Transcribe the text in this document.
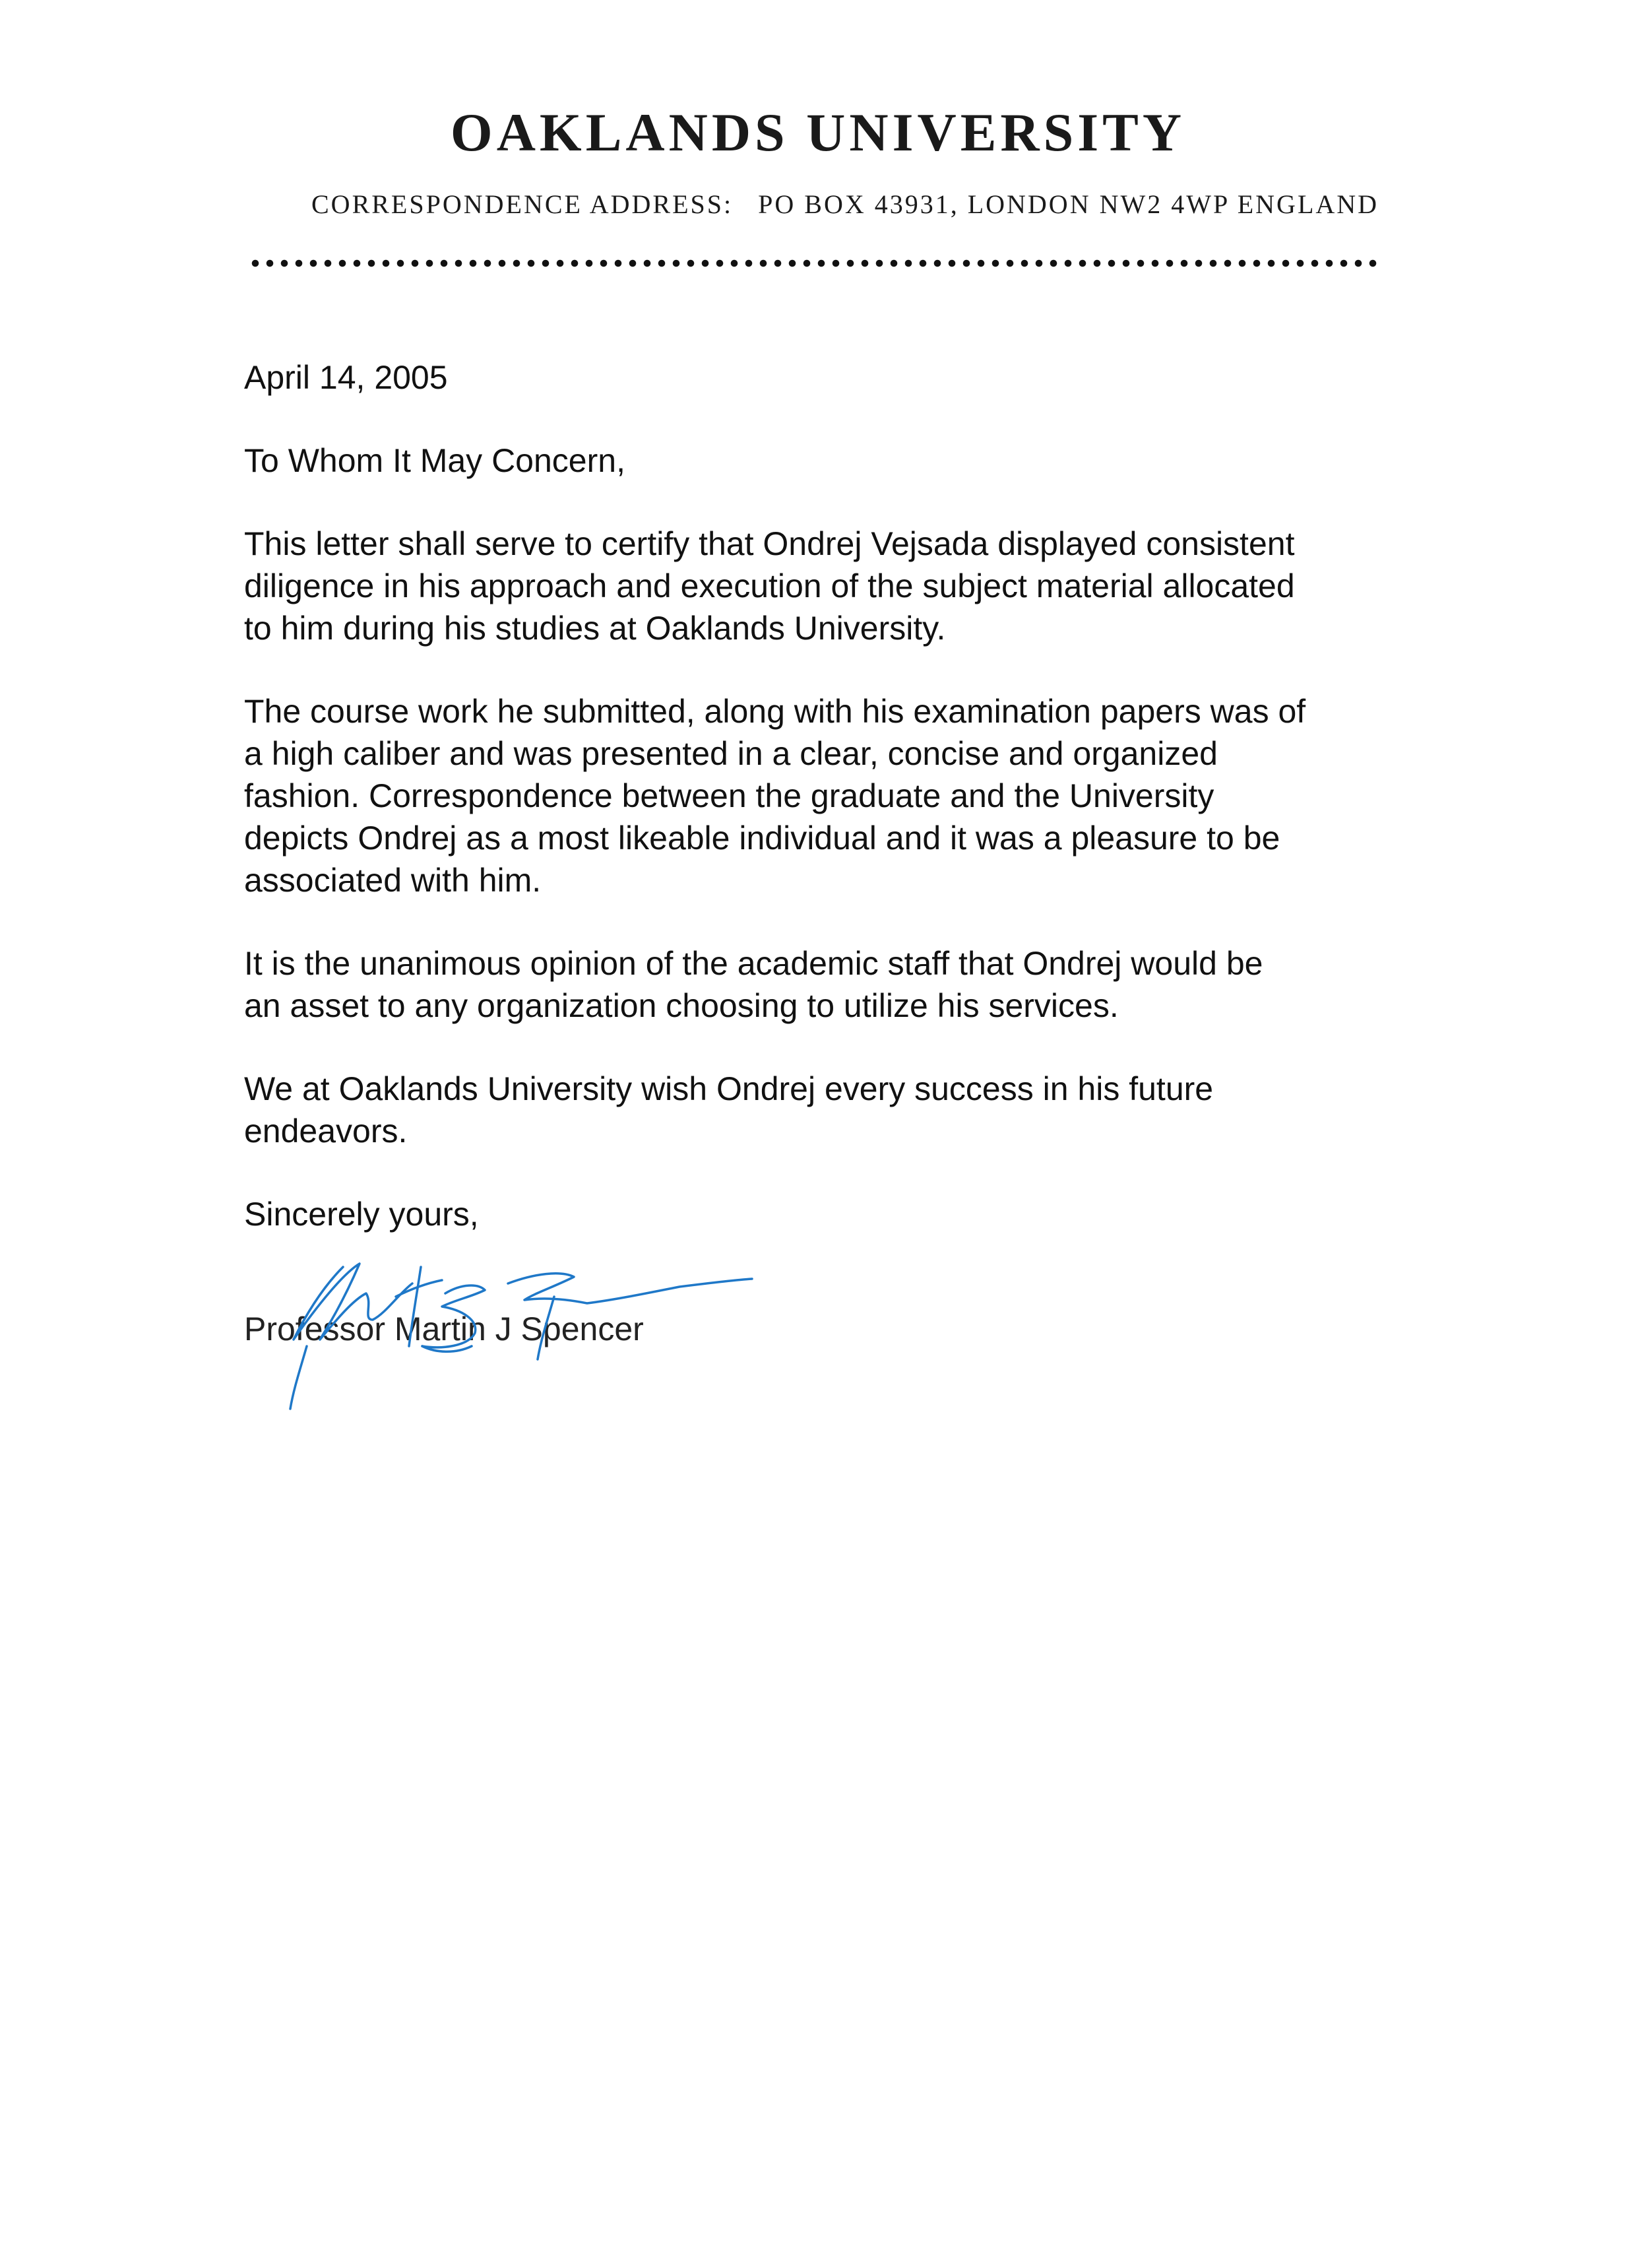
OAKLANDS UNIVERSITY
CORRESPONDENCE ADDRESS: PO BOX 43931, LONDON NW2 4WP ENGLAND

April 14, 2005

To Whom It May Concern,

This letter shall serve to certify that Ondrej Vejsada displayed consistent
diligence in his approach and execution of the subject material allocated
to him during his studies at Oaklands University.

The course work he submitted, along with his examination papers was of
a high caliber and was presented in a clear, concise and organized
fashion. Correspondence between the graduate and the University
depicts Ondrej as a most likeable individual and it was a pleasure to be
associated with him.

It is the unanimous opinion of the academic staff that Ondrej would be
an asset to any organization choosing to utilize his services.

We at Oaklands University wish Ondrej every success in his future
endeavors.

Sincerely yours,

Professor Martin J Spencer
